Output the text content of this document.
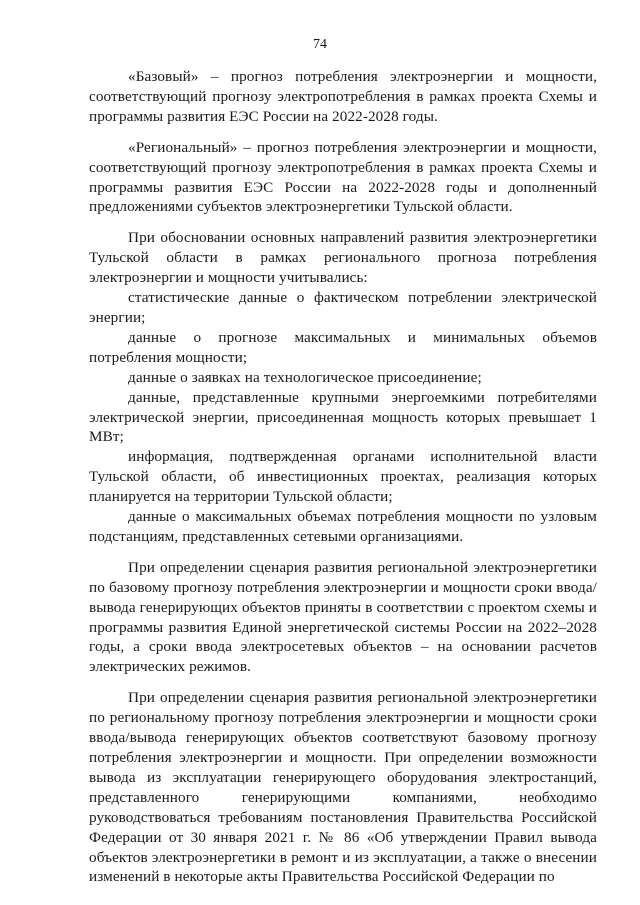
74

«Базовый» – прогноз потребления электроэнергии и мощности, соответствующий прогнозу электропотребления в рамках проекта Схемы и программы развития ЕЭС России на 2022-2028 годы.

«Региональный» – прогноз потребления электроэнергии и мощности, соответствующий прогнозу электропотребления в рамках проекта Схемы и программы развития ЕЭС России на 2022-2028 годы и дополненный предложениями субъектов электроэнергетики Тульской области.

При обосновании основных направлений развития электроэнергетики Тульской области в рамках регионального прогноза потребления электроэнергии и мощности учитывались:

статистические данные о фактическом потреблении электрической энергии;

данные о прогнозе максимальных и минимальных объемов потребления мощности;

данные о заявках на технологическое присоединение;

данные, представленные крупными энергоемкими потребителями электрической энергии, присоединенная мощность которых превышает 1 МВт;

информация, подтвержденная органами исполнительной власти Тульской области, об инвестиционных проектах, реализация которых планируется на территории Тульской области;

данные о максимальных объемах потребления мощности по узловым подстанциям, представленных сетевыми организациями.

При определении сценария развития региональной электроэнергетики по базовому прогнозу потребления электроэнергии и мощности сроки ввода/вывода генерирующих объектов приняты в соответствии с проектом схемы и программы развития Единой энергетической системы России на 2022–2028 годы, а сроки ввода электросетевых объектов – на основании расчетов электрических режимов.

При определении сценария развития региональной электроэнергетики по региональному прогнозу потребления электроэнергии и мощности сроки ввода/вывода генерирующих объектов соответствуют базовому прогнозу потребления электроэнергии и мощности. При определении возможности вывода из эксплуатации генерирующего оборудования электростанций, представленного генерирующими компаниями, необходимо руководствоваться требованиям постановления Правительства Российской Федерации от 30 января 2021 г. № 86 «Об утверждении Правил вывода объектов электроэнергетики в ремонт и из эксплуатации, а также о внесении изменений в некоторые акты Правительства Российской Федерации по
